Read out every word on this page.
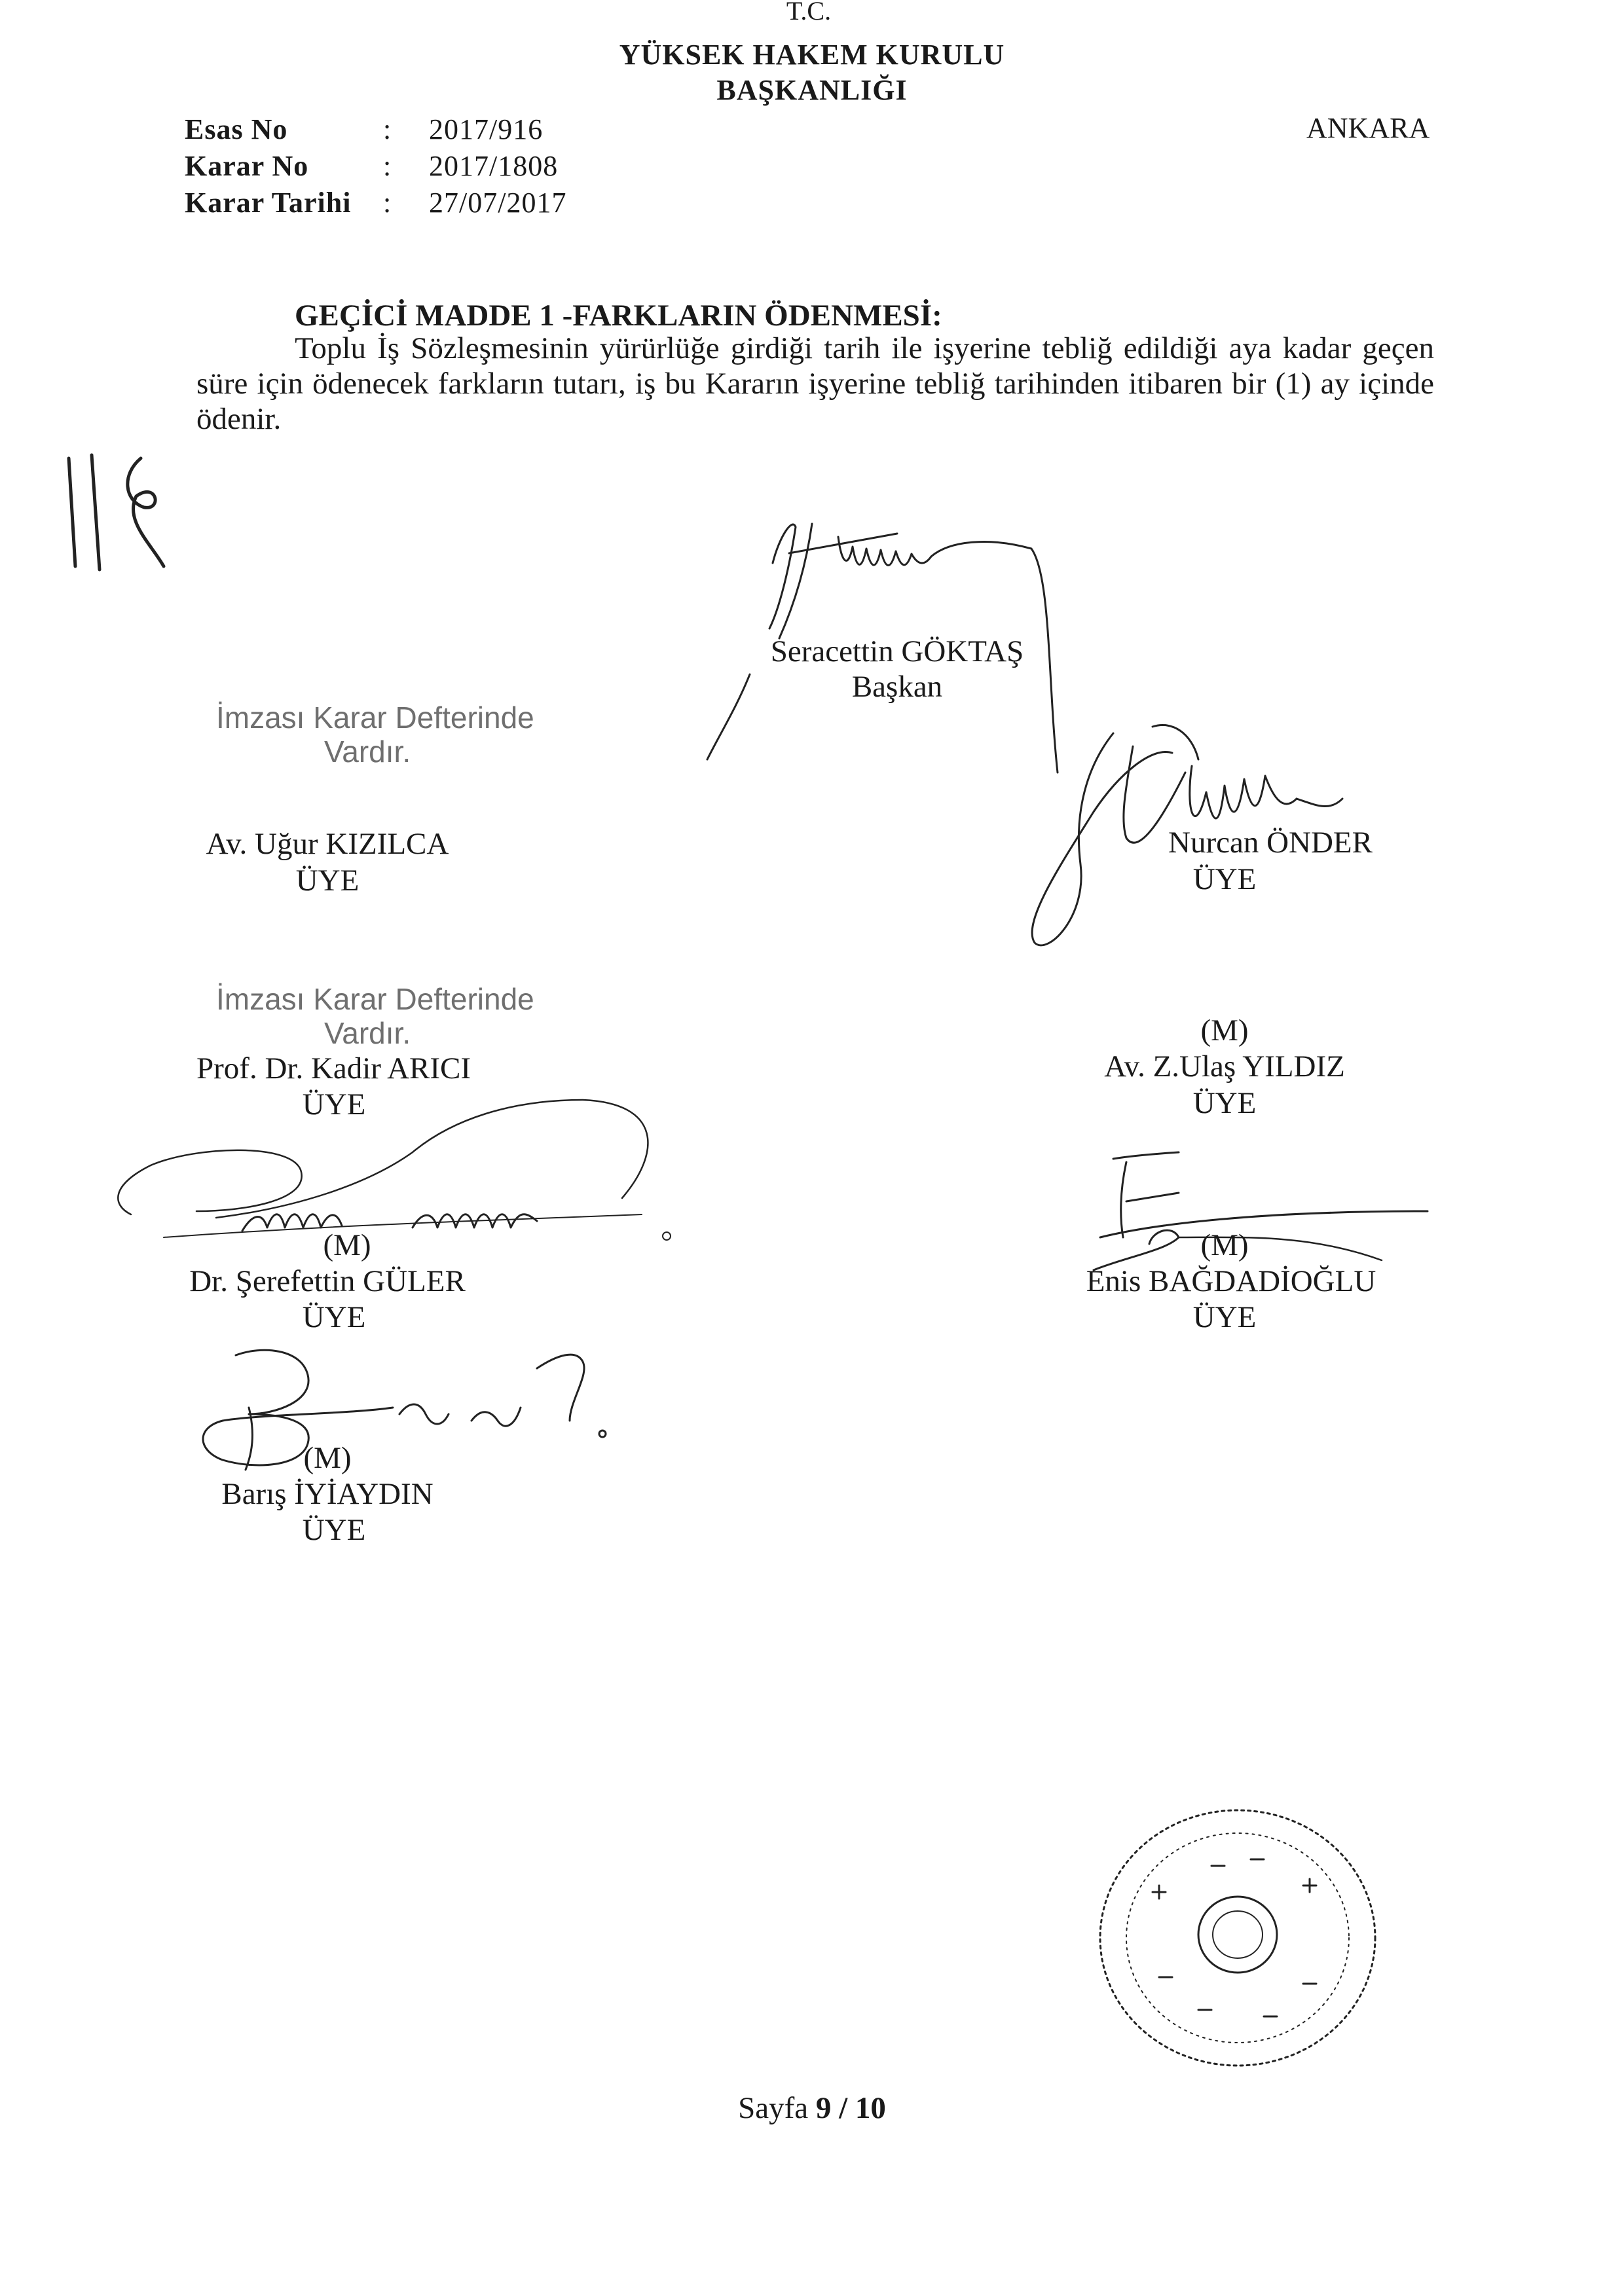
T.C.
YÜKSEK HAKEM KURULU
BAŞKANLIĞI
ANKARA
Esas No	: 2017/916
Karar No	: 2017/1808
Karar Tarihi : 27/07/2017
GEÇİCİ MADDE 1 -FARKLARIN ÖDENMESİ:

Toplu İş Sözleşmesinin yürürlüğe girdiği tarih ile işyerine tebliğ edildiği aya kadar geçen süre için ödenecek farkların tutarı, iş bu Kararın işyerine tebliğ tarihinden itibaren bir (1) ay içinde ödenir.

Seracettin GÖKTAŞ
Başkan
İmzası Karar Defterinde
Vardır.
Av. Uğur KIZILCA
ÜYE
Nurcan ÖNDER
ÜYE
İmzası Karar Defterinde
Vardır.
Prof. Dr. Kadir ARICI
ÜYE
(M)
Av. Z.Ulaş YILDIZ
ÜYE
(M)
Dr. Şerefettin GÜLER
ÜYE
(M)
Enis BAĞDADİOĞLU
ÜYE
(M)
Barış İYİAYDIN
ÜYE
Sayfa 9 / 10
